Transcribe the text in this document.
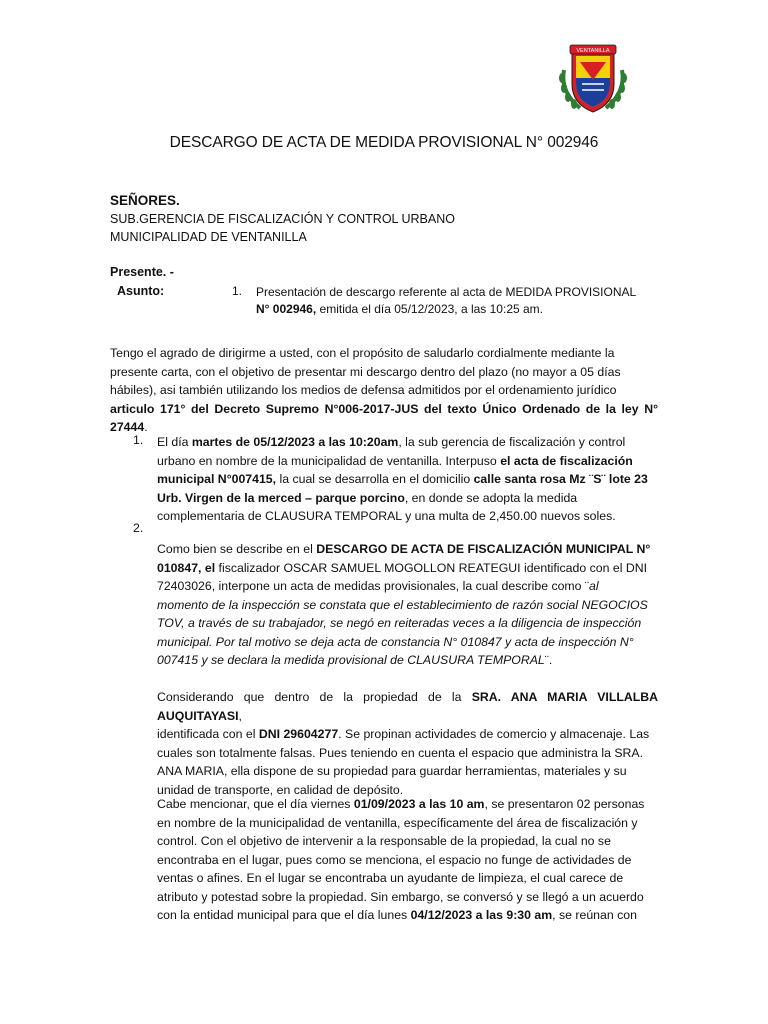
VENTANILLA
DESCARGO DE ACTA DE MEDIDA PROVISIONAL N° 002946
SEÑORES.
SUB.GERENCIA DE FISCALIZACIÓN Y CONTROL URBANO
MUNICIPALIDAD DE VENTANILLA
Presente. -
Asunto:	1. Presentación de descargo referente al acta de MEDIDA PROVISIONAL
N° 002946, emitida el día 05/12/2023, a las 10:25 am.
Tengo el agrado de dirigirme a usted, con el propósito de saludarlo cordialmente mediante la
presente carta, con el objetivo de presentar mi descargo dentro del plazo (no mayor a 05 días
hábiles), asi también utilizando los medios de defensa admitidos por el ordenamiento jurídico
articulo 171° del Decreto Supremo N°006-2017-JUS del texto Único Ordenado de la ley N° 27444.
1. El día martes de 05/12/2023 a las 10:20am, la sub gerencia de fiscalización y control
urbano en nombre de la municipalidad de ventanilla. Interpuso el acta de fiscalización
municipal N°007415, la cual se desarrolla en el domicilio calle santa rosa Mz ¨S¨ lote 23
Urb. Virgen de la merced – parque porcino, en donde se adopta la medida
complementaria de CLAUSURA TEMPORAL y una multa de 2,450.00 nuevos soles.
2.
Como bien se describe en el DESCARGO DE ACTA DE FISCALIZACIÓN MUNICIPAL N°
010847, el fiscalizador OSCAR SAMUEL MOGOLLON REATEGUI identificado con el DNI
72403026, interpone un acta de medidas provisionales, la cual describe como ¨al
momento de la inspección se constata que el establecimiento de razón social NEGOCIOS
TOV, a través de su trabajador, se negó en reiteradas veces a la diligencia de inspección
municipal. Por tal motivo se deja acta de constancia N° 010847 y acta de inspección N°
007415 y se declara la medida provisional de CLAUSURA TEMPORAL¨.
Considerando que dentro de la propiedad de la SRA. ANA MARIA VILLALBA AUQUITAYASI,
identificada con el DNI 29604277. Se propinan actividades de comercio y almacenaje. Las
cuales son totalmente falsas. Pues teniendo en cuenta el espacio que administra la SRA.
ANA MARIA, ella dispone de su propiedad para guardar herramientas, materiales y su
unidad de transporte, en calidad de depósito.
Cabe mencionar, que el día viernes 01/09/2023 a las 10 am, se presentaron 02 personas
en nombre de la municipalidad de ventanilla, específicamente del área de fiscalización y
control. Con el objetivo de intervenir a la responsable de la propiedad, la cual no se
encontraba en el lugar, pues como se menciona, el espacio no funge de actividades de
ventas o afines. En el lugar se encontraba un ayudante de limpieza, el cual carece de
atributo y potestad sobre la propiedad. Sin embargo, se conversó y se llegó a un acuerdo
con la entidad municipal para que el día lunes 04/12/2023 a las 9:30 am, se reúnan con
